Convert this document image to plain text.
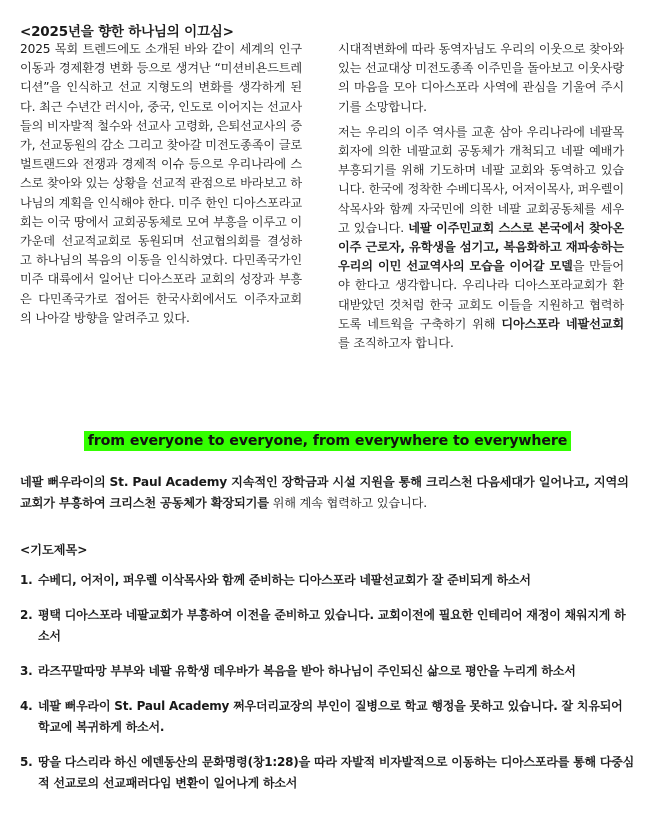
<2025년을 향한 하나님의 이끄심>

2025 목회 트렌드에도 소개된 바와 같이 세계의 인구 이동과 경제환경 변화 등으로 생겨난 “미션비욘드트레디션”을 인식하고 선교 지형도의 변화를 생각하게 된다. 최근 수년간 러시아, 중국, 인도로 이어지는 선교사들의 비자발적 철수와 선교사 고령화, 은퇴선교사의 증가, 선교동원의 감소 그리고 찾아갈 미전도종족이 글로벌트랜드와 전쟁과 경제적 이슈 등으로 우리나라에 스스로 찾아와 있는 상황을 선교적 관점으로 바라보고 하나님의 계획을 인식해야 한다. 미주 한인 디아스포라교회는 이국 땅에서 교회공동체로 모여 부흥을 이루고 이 가운데 선교적교회로 동원되며 선교협의회를 결성하고 하나님의 복음의 이동을 인식하였다. 다민족국가인 미주 대륙에서 일어난 디아스포라 교회의 성장과 부흥은 다민족국가로 접어든 한국사회에서도 이주자교회의 나아갈 방향을 알려주고 있다.

시대적변화에 따라 동역자님도 우리의 이웃으로 찾아와 있는 선교대상 미전도종족 이주민을 돌아보고 이웃사랑의 마음을 모아 디아스포라 사역에 관심을 기울여 주시기를 소망합니다.

저는 우리의 이주 역사를 교훈 삼아 우리나라에 네팔목회자에 의한 네팔교회 공동체가 개척되고 네팔 예배가 부흥되기를 위해 기도하며 네팔 교회와 동역하고 있습니다. 한국에 정착한 수베디목사, 어저이목사, 퍼우렐이삭목사와 함께 자국민에 의한 네팔 교회공동체를 세우고 있습니다. 네팔 이주민교회 스스로 본국에서 찾아온 이주 근로자, 유학생을 섬기고, 복음화하고 재파송하는 우리의 이민 선교역사의 모습을 이어갈 모델을 만들어야 한다고 생각합니다. 우리나라 디아스포라교회가 환대받았던 것처럼 한국 교회도 이들을 지원하고 협력하도록 네트웍을 구축하기 위해 디아스포라 네팔선교회를 조직하고자 합니다.

from everyone to everyone, from everywhere to everywhere
네팔 뻐우라이의 St. Paul Academy 지속적인 장학금과 시설 지원을 통해 크리스천 다음세대가 일어나고, 지역의 교회가 부흥하여 크리스천 공동체가 확장되기를 위해 계속 협력하고 있습니다.
<기도제목>
1. 수베디, 어저이, 퍼우렐 이삭목사와 함께 준비하는 디아스포라 네팔선교회가 잘 준비되게 하소서
2. 평택 디아스포라 네팔교회가 부흥하여 이전을 준비하고 있습니다. 교회이전에 필요한 인테리어 재정이 채워지게 하소서
3. 라즈꾸말따망 부부와 네팔 유학생 데우바가 복음을 받아 하나님이 주인되신 삶으로 평안을 누리게 하소서
4. 네팔 뻐우라이 St. Paul Academy 쩌우더리교장의 부인이 질병으로 학교 행정을 못하고 있습니다. 잘 치유되어 학교에 복귀하게 하소서.
5. 땅을 다스리라 하신 에덴동산의 문화명령(창1:28)을 따라 자발적 비자발적으로 이동하는 디아스포라를 통해 다중심적 선교로의 선교패러다임 변환이 일어나게 하소서
